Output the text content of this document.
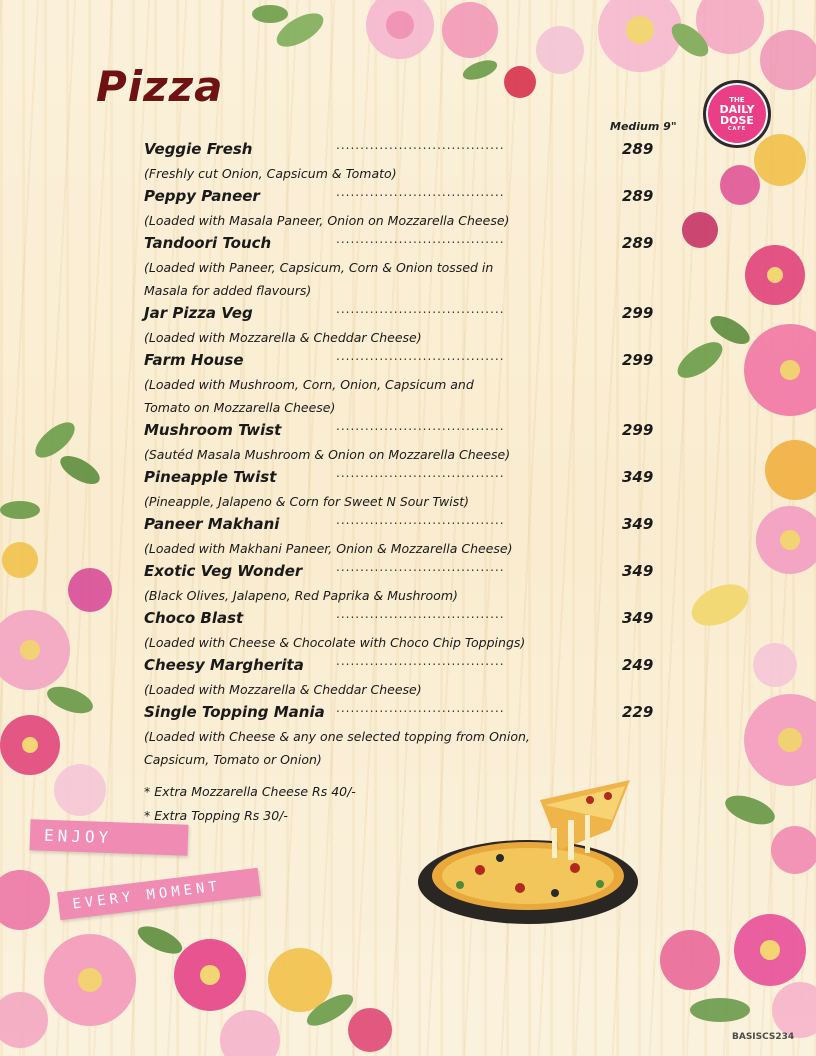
Pizza	THE
DAILY
DOSE
CAFE
Medium 9"
Veggie Fresh	...................................	289
(Freshly cut Onion, Capsicum & Tomato)
Peppy Paneer	...................................	289
(Loaded with Masala Paneer, Onion on Mozzarella Cheese)
Tandoori Touch	...................................	289
(Loaded with Paneer, Capsicum, Corn & Onion tossed in
Masala for added flavours)
Jar Pizza Veg	...................................	299
(Loaded with Mozzarella & Cheddar Cheese)
Farm House	...................................	299
(Loaded with Mushroom, Corn, Onion, Capsicum and
Tomato on Mozzarella Cheese)
Mushroom Twist	...................................	299
(Sautéd Masala Mushroom & Onion on Mozzarella Cheese)
Pineapple Twist	...................................	349
(Pineapple, Jalapeno & Corn for Sweet N Sour Twist)
Paneer Makhani	...................................	349
(Loaded with Makhani Paneer, Onion & Mozzarella Cheese)
Exotic Veg Wonder	...................................	349
(Black Olives, Jalapeno, Red Paprika & Mushroom)
Choco Blast	...................................	349
(Loaded with Cheese & Chocolate with Choco Chip Toppings)
Cheesy Margherita	...................................	249
(Loaded with Mozzarella & Cheddar Cheese)
Single Topping Mania ...................................	229
(Loaded with Cheese & any one selected topping from Onion,
Capsicum, Tomato or Onion)
* Extra Mozzarella Cheese Rs 40/-
* Extra Topping Rs 30/-
ENJOY
EVERY MOMENT
BASISCS234
